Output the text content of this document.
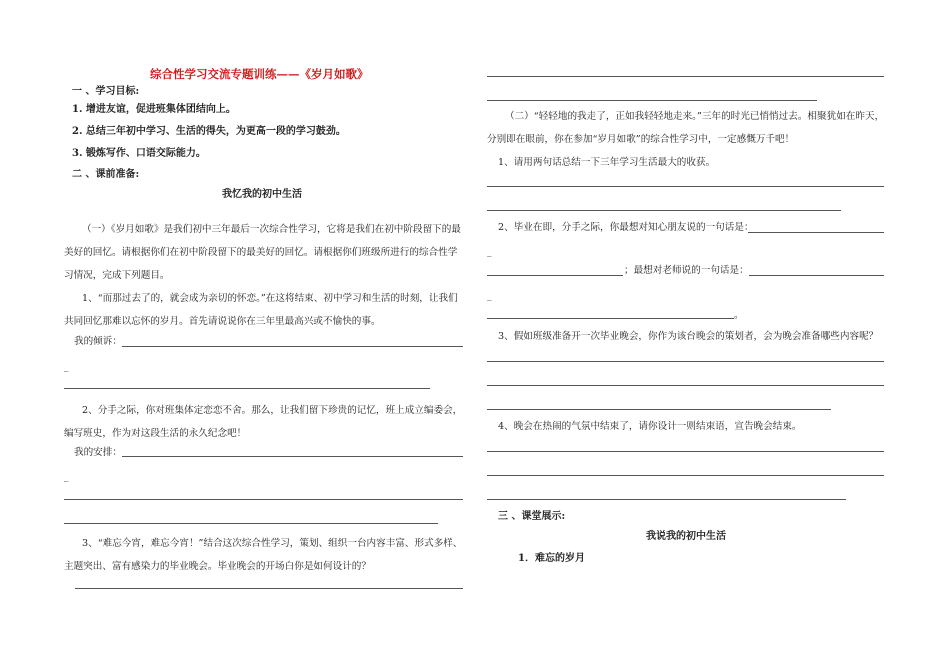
综合性学习交流专题训练——《岁月如歌》
一 、学习目标:
1. 增进友谊，促进班集体团结向上。
2. 总结三年初中学习、生活的得失，为更高一段的学习鼓劲。
3. 锻炼写作、口语交际能力。
二 、课前准备:
我忆我的初中生活
（一）《岁月如歌》是我们初中三年最后一次综合性学习，它将是我们在初中阶段留下的最美好的回忆。请根据你们在初中阶段留下的最美好的回忆。请根据你们班级所进行的综合性学习情况，完成下列题目。
1、“而那过去了的，就会成为亲切的怀恋。”在这将结束、初中学习和生活的时刻，让我们共同回忆那难以忘怀的岁月。首先请说说你在三年里最高兴或不愉快的事。
我的倾诉：
_
2、分手之际，你对班集体定恋恋不舍。那么，让我们留下珍贵的记忆，班上成立编委会，编写班史，作为对这段生活的永久纪念吧！
我的安排：
_
3、“难忘今宵，难忘今宵！”结合这次综合性学习，策划、组织一台内容丰富、形式多样、主题突出、富有感染力的毕业晚会。毕业晚会的开场白你是如何设计的？
（二）“轻轻地的我走了，正如我轻轻地走来。”三年的时光已悄悄过去。相聚犹如在昨天，分别即在眼前，你在参加“岁月如歌”的综合性学习中，一定感慨万千吧！
1、请用两句话总结一下三年学习生活最大的收获。
2、毕业在即，分手之际，你最想对知心朋友说的一句话是：
_
；最想对老师说的一句话是：
_
。
3、假如班级准备开一次毕业晚会，你作为该台晚会的策划者，会为晚会准备哪些内容呢？
4、晚会在热闹的气氛中结束了，请你设计一则结束语，宣告晚会结束。
三 、课堂展示:
我说我的初中生活
1．难忘的岁月
